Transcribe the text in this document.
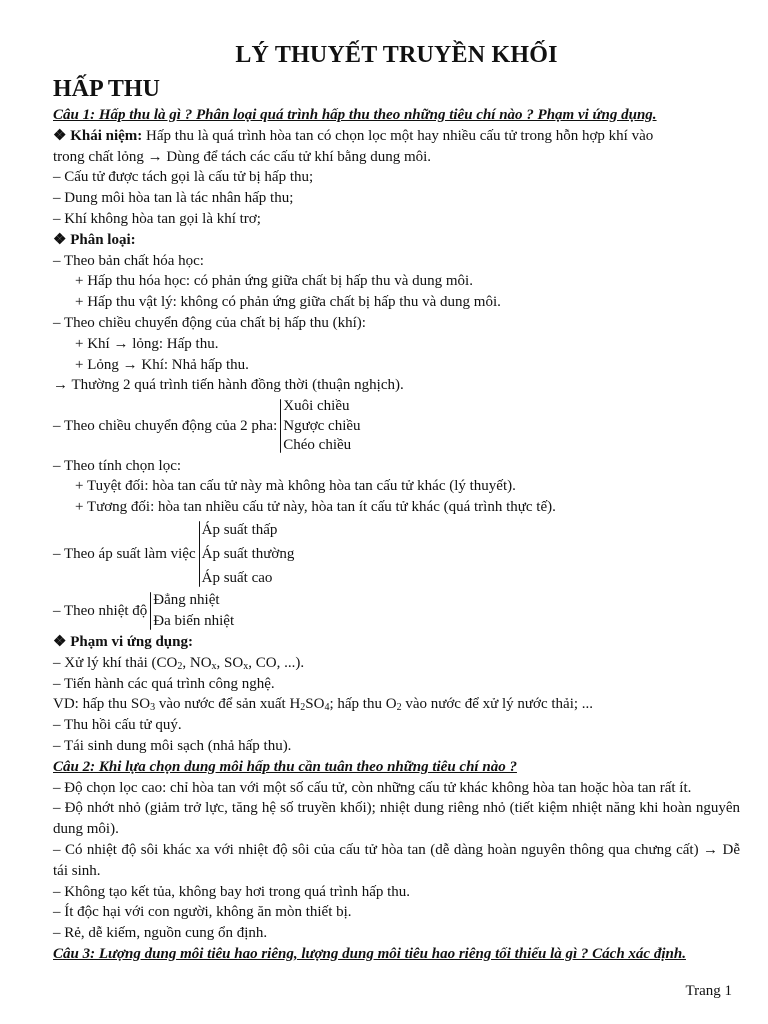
LÝ THUYẾT TRUYỀN KHỐI
HẤP THU
Câu 1: Hấp thu là gì ? Phân loại quá trình hấp thu theo những tiêu chí nào ? Phạm vi ứng dụng.
❖ Khái niệm: Hấp thu là quá trình hòa tan có chọn lọc một hay nhiều cấu tử trong hỗn hợp khí vào
trong chất lỏng → Dùng để tách các cấu tử khí bằng dung môi.
– Cấu tử được tách gọi là cấu tử bị hấp thu;
– Dung môi hòa tan là tác nhân hấp thu;
– Khí không hòa tan gọi là khí trơ;
❖ Phân loại:
– Theo bản chất hóa học:
+ Hấp thu hóa học: có phản ứng giữa chất bị hấp thu và dung môi.
+ Hấp thu vật lý: không có phản ứng giữa chất bị hấp thu và dung môi.
– Theo chiều chuyển động của chất bị hấp thu (khí):
+ Khí → lỏng: Hấp thu.
+ Lỏng → Khí: Nhả hấp thu.
→ Thường 2 quá trình tiến hành đồng thời (thuận nghịch).
– Theo chiều chuyển động của 2 pha:
Xuôi chiều
Ngược chiều
Chéo chiều
– Theo tính chọn lọc:
+ Tuyệt đối: hòa tan cấu tử này mà không hòa tan cấu tử khác (lý thuyết).
+ Tương đối: hòa tan nhiều cấu tử này, hòa tan ít cấu tử khác (quá trình thực tế).
– Theo áp suất làm việc
Áp suất thấp
Áp suất thường
Áp suất cao
– Theo nhiệt độ
Đẳng nhiệt
Đa biến nhiệt
❖ Phạm vi ứng dụng:
– Xử lý khí thải ($CO_2$, $NO_x$, $SO_x$, CO, ...).
– Tiến hành các quá trình công nghệ.
VD: hấp thu $SO_3$ vào nước để sản xuất $H_2SO_4$; hấp thu $O_2$ vào nước để xử lý nước thải; ...
– Thu hồi cấu tử quý.
– Tái sinh dung môi sạch (nhả hấp thu).
Câu 2: Khi lựa chọn dung môi hấp thu cần tuân theo những tiêu chí nào ?
– Độ chọn lọc cao: chỉ hòa tan với một số cấu tử, còn những cấu tử khác không hòa tan hoặc hòa tan rất ít.
– Độ nhớt nhỏ (giảm trở lực, tăng hệ số truyền khối); nhiệt dung riêng nhỏ (tiết kiệm nhiệt năng khi hoàn nguyên dung môi).
– Có nhiệt độ sôi khác xa với nhiệt độ sôi của cấu tử hòa tan (dễ dàng hoàn nguyên thông qua chưng cất) → Dễ tái sinh.
– Không tạo kết tủa, không bay hơi trong quá trình hấp thu.
– Ít độc hại với con người, không ăn mòn thiết bị.
– Rẻ, dễ kiếm, nguồn cung ổn định.
Câu 3: Lượng dung môi tiêu hao riêng, lượng dung môi tiêu hao riêng tối thiểu là gì ? Cách xác định.
Trang 1
